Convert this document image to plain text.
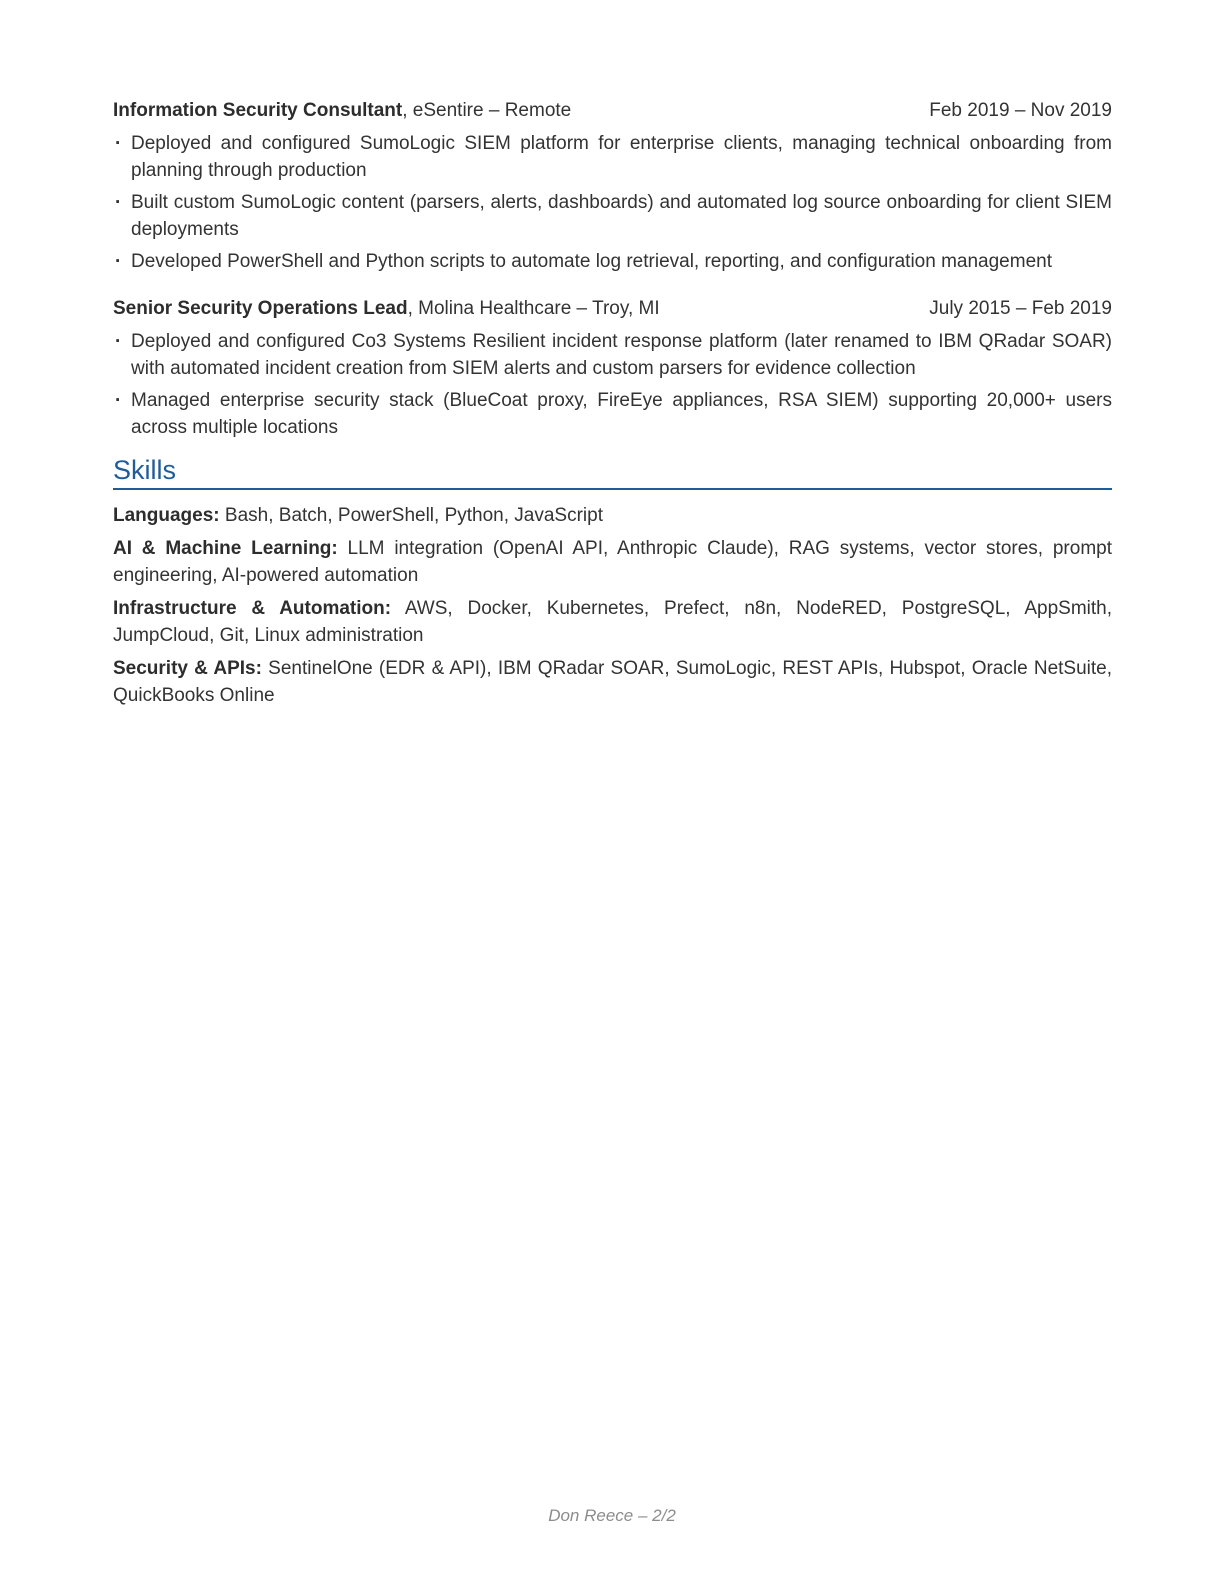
Information Security Consultant, eSentire – Remote	Feb 2019 – Nov 2019
· Deployed and configured SumoLogic SIEM platform for enterprise clients, managing technical onboarding from planning through production
· Built custom SumoLogic content (parsers, alerts, dashboards) and automated log source onboarding for client SIEM deployments
· Developed PowerShell and Python scripts to automate log retrieval, reporting, and configuration management
Senior Security Operations Lead, Molina Healthcare – Troy, MI	July 2015 – Feb 2019
· Deployed and configured Co3 Systems Resilient incident response platform (later renamed to IBM QRadar SOAR) with automated incident creation from SIEM alerts and custom parsers for evidence collection
· Managed enterprise security stack (BlueCoat proxy, FireEye appliances, RSA SIEM) supporting 20,000+ users across multiple locations
Skills

Languages: Bash, Batch, PowerShell, Python, JavaScript

AI & Machine Learning: LLM integration (OpenAI API, Anthropic Claude), RAG systems, vector stores, prompt engineering, AI-powered automation

Infrastructure & Automation: AWS, Docker, Kubernetes, Prefect, n8n, NodeRED, PostgreSQL, AppSmith, JumpCloud, Git, Linux administration

Security & APIs: SentinelOne (EDR & API), IBM QRadar SOAR, SumoLogic, REST APIs, Hubspot, Oracle NetSuite, QuickBooks Online

Don Reece – 2/2
